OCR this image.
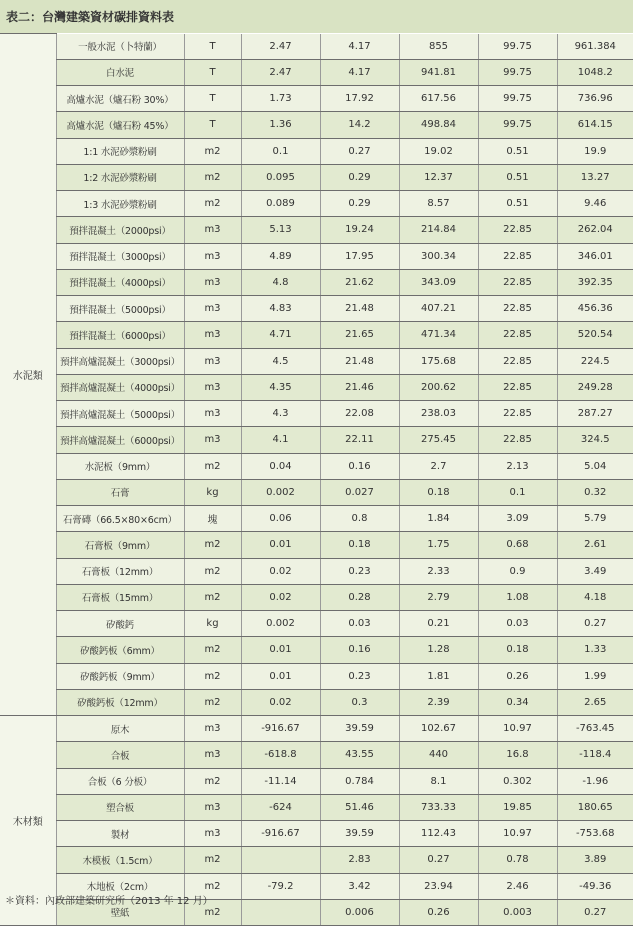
表二：台灣建築資材碳排資料表
水泥類	一般水泥（卜特蘭）	T	2.47	4.17	855	99.75	961.384
	白水泥	T	2.47	4.17	941.81	99.75	1048.2
	高爐水泥（爐石粉 30%）	T	1.73	17.92	617.56	99.75	736.96
	高爐水泥（爐石粉 45%）	T	1.36	14.2	498.84	99.75	614.15
	1:1 水泥砂漿粉刷	m2	0.1	0.27	19.02	0.51	19.9
	1:2 水泥砂漿粉刷	m2	0.095	0.29	12.37	0.51	13.27
	1:3 水泥砂漿粉刷	m2	0.089	0.29	8.57	0.51	9.46
	預拌混凝土（2000psi）	m3	5.13	19.24	214.84	22.85	262.04
	預拌混凝土（3000psi）	m3	4.89	17.95	300.34	22.85	346.01
	預拌混凝土（4000psi）	m3	4.8	21.62	343.09	22.85	392.35
	預拌混凝土（5000psi）	m3	4.83	21.48	407.21	22.85	456.36
	預拌混凝土（6000psi）	m3	4.71	21.65	471.34	22.85	520.54
	預拌高爐混凝土（3000psi）	m3	4.5	21.48	175.68	22.85	224.5
	預拌高爐混凝土（4000psi）	m3	4.35	21.46	200.62	22.85	249.28
	預拌高爐混凝土（5000psi）	m3	4.3	22.08	238.03	22.85	287.27
	預拌高爐混凝土（6000psi）	m3	4.1	22.11	275.45	22.85	324.5
	水泥板（9mm）	m2	0.04	0.16	2.7	2.13	5.04
	石膏	kg	0.002	0.027	0.18	0.1	0.32
	石膏磚（66.5×80×6cm）	塊	0.06	0.8	1.84	3.09	5.79
	石膏板（9mm）	m2	0.01	0.18	1.75	0.68	2.61
	石膏板（12mm）	m2	0.02	0.23	2.33	0.9	3.49
	石膏板（15mm）	m2	0.02	0.28	2.79	1.08	4.18
	矽酸鈣	kg	0.002	0.03	0.21	0.03	0.27
	矽酸鈣板（6mm）	m2	0.01	0.16	1.28	0.18	1.33
	矽酸鈣板（9mm）	m2	0.01	0.23	1.81	0.26	1.99
	矽酸鈣板（12mm）	m2	0.02	0.3	2.39	0.34	2.65
木材類	原木	m3	-916.67	39.59	102.67	10.97	-763.45
	合板	m3	-618.8	43.55	440	16.8	-118.4
	合板（6 分板）	m2	-11.14	0.784	8.1	0.302	-1.96
	塑合板	m3	-624	51.46	733.33	19.85	180.65
	製材	m3	-916.67	39.59	112.43	10.97	-753.68
	木模板（1.5cm）	m2		2.83	0.27	0.78	3.89
	木地板（2cm）	m2	-79.2	3.42	23.94	2.46	-49.36
	壁紙	m2		0.006	0.26	0.003	0.27
＊資料：內政部建築研究所（2013 年 12 月）
